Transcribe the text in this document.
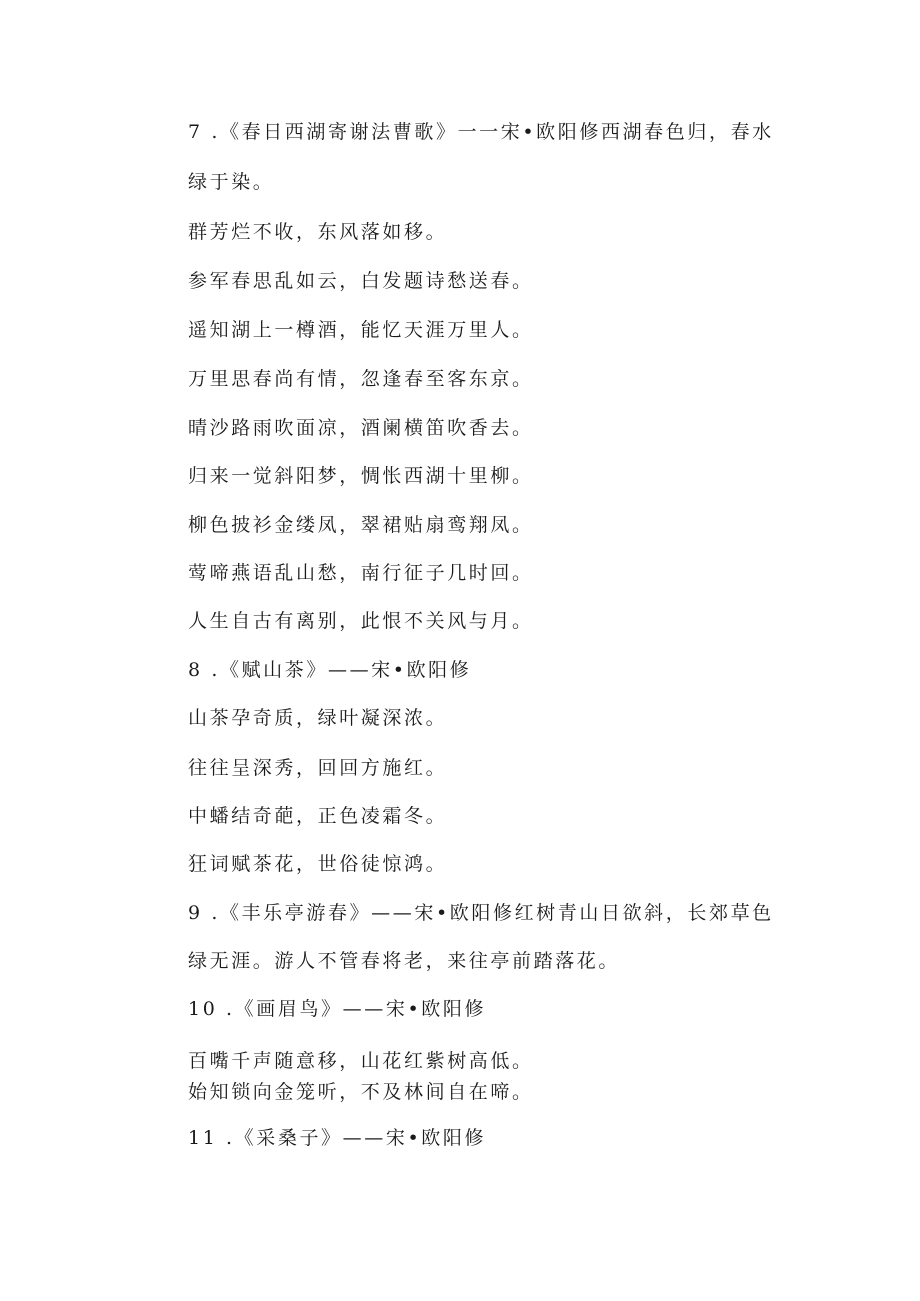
7 .《春日西湖寄谢法曹歌》一一宋•欧阳修西湖春色归，春水
绿于染。
群芳烂不收，东风落如移。
参军春思乱如云，白发题诗愁送春。
遥知湖上一樽酒，能忆天涯万里人。
万里思春尚有情，忽逢春至客东京。
晴沙路雨吹面凉，酒阑横笛吹香去。
归来一觉斜阳梦，惆怅西湖十里柳。
柳色披衫金缕凤，翠裙贴扇鸾翔凤。
莺啼燕语乱山愁，南行征子几时回。
人生自古有离别，此恨不关风与月。
8 .《赋山茶》——宋•欧阳修
山茶孕奇质，绿叶凝深浓。
往往呈深秀，回回方施红。
中蟠结奇葩，正色凌霜冬。
狂词赋茶花，世俗徒惊鸿。
9 .《丰乐亭游春》——宋•欧阳修红树青山日欲斜，长郊草色
绿无涯。游人不管春将老，来往亭前踏落花。
10 .《画眉鸟》——宋•欧阳修
百嘴千声随意移，山花红紫树高低。
始知锁向金笼听，不及林间自在啼。
11 .《采桑子》——宋•欧阳修
